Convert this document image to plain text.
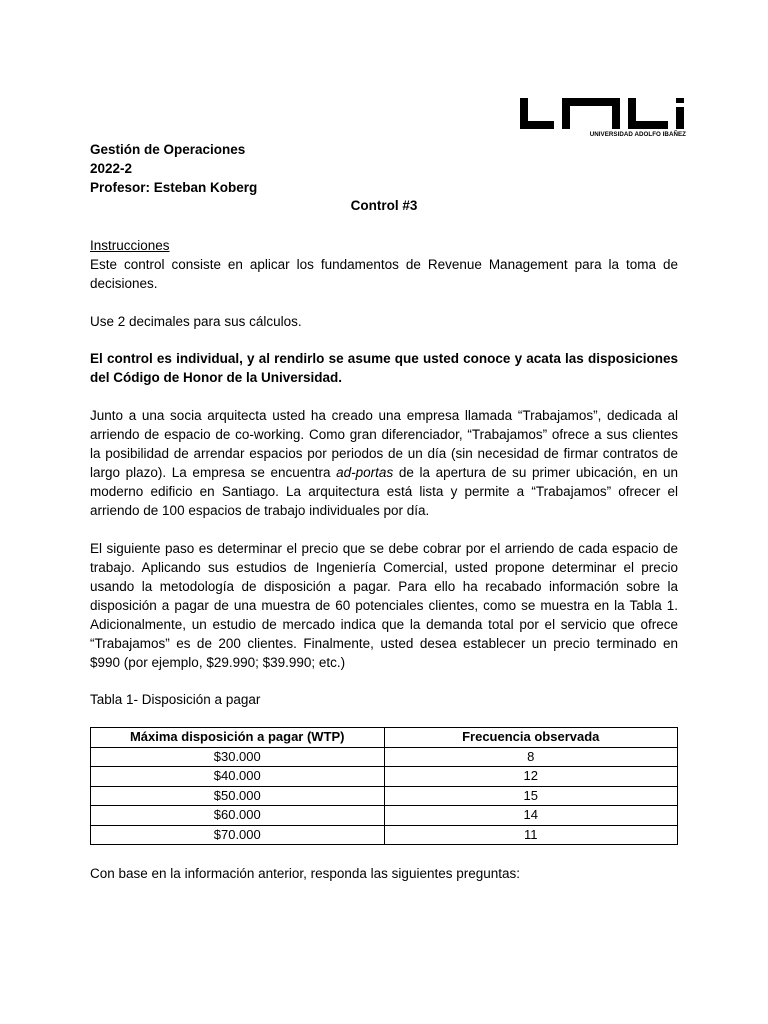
UNIVERSIDAD ADOLFO IBAÑEZ
Gestión de Operaciones
2022-2
Profesor: Esteban Koberg
Control #3
Instrucciones
Este control consiste en aplicar los fundamentos de Revenue Management para la toma de decisiones.
Use 2 decimales para sus cálculos.
El control es individual, y al rendirlo se asume que usted conoce y acata las disposiciones del Código de Honor de la Universidad.
Junto a una socia arquitecta usted ha creado una empresa llamada “Trabajamos”, dedicada al arriendo de espacio de co-working. Como gran diferenciador, “Trabajamos” ofrece a sus clientes la posibilidad de arrendar espacios por periodos de un día (sin necesidad de firmar contratos de largo plazo). La empresa se encuentra ad-portas de la apertura de su primer ubicación, en un moderno edificio en Santiago. La arquitectura está lista y permite a “Trabajamos” ofrecer el arriendo de 100 espacios de trabajo individuales por día.
El siguiente paso es determinar el precio que se debe cobrar por el arriendo de cada espacio de trabajo. Aplicando sus estudios de Ingeniería Comercial, usted propone determinar el precio usando la metodología de disposición a pagar. Para ello ha recabado información sobre la disposición a pagar de una muestra de 60 potenciales clientes, como se muestra en la Tabla 1. Adicionalmente, un estudio de mercado indica que la demanda total por el servicio que ofrece “Trabajamos” es de 200 clientes. Finalmente, usted desea establecer un precio terminado en $990 (por ejemplo, $29.990; $39.990; etc.)
Tabla 1- Disposición a pagar
Máxima disposición a pagar (WTP)	Frecuencia observada
$30.000	8
$40.000	12
$50.000	15
$60.000	14
$70.000	11
Con base en la información anterior, responda las siguientes preguntas:
